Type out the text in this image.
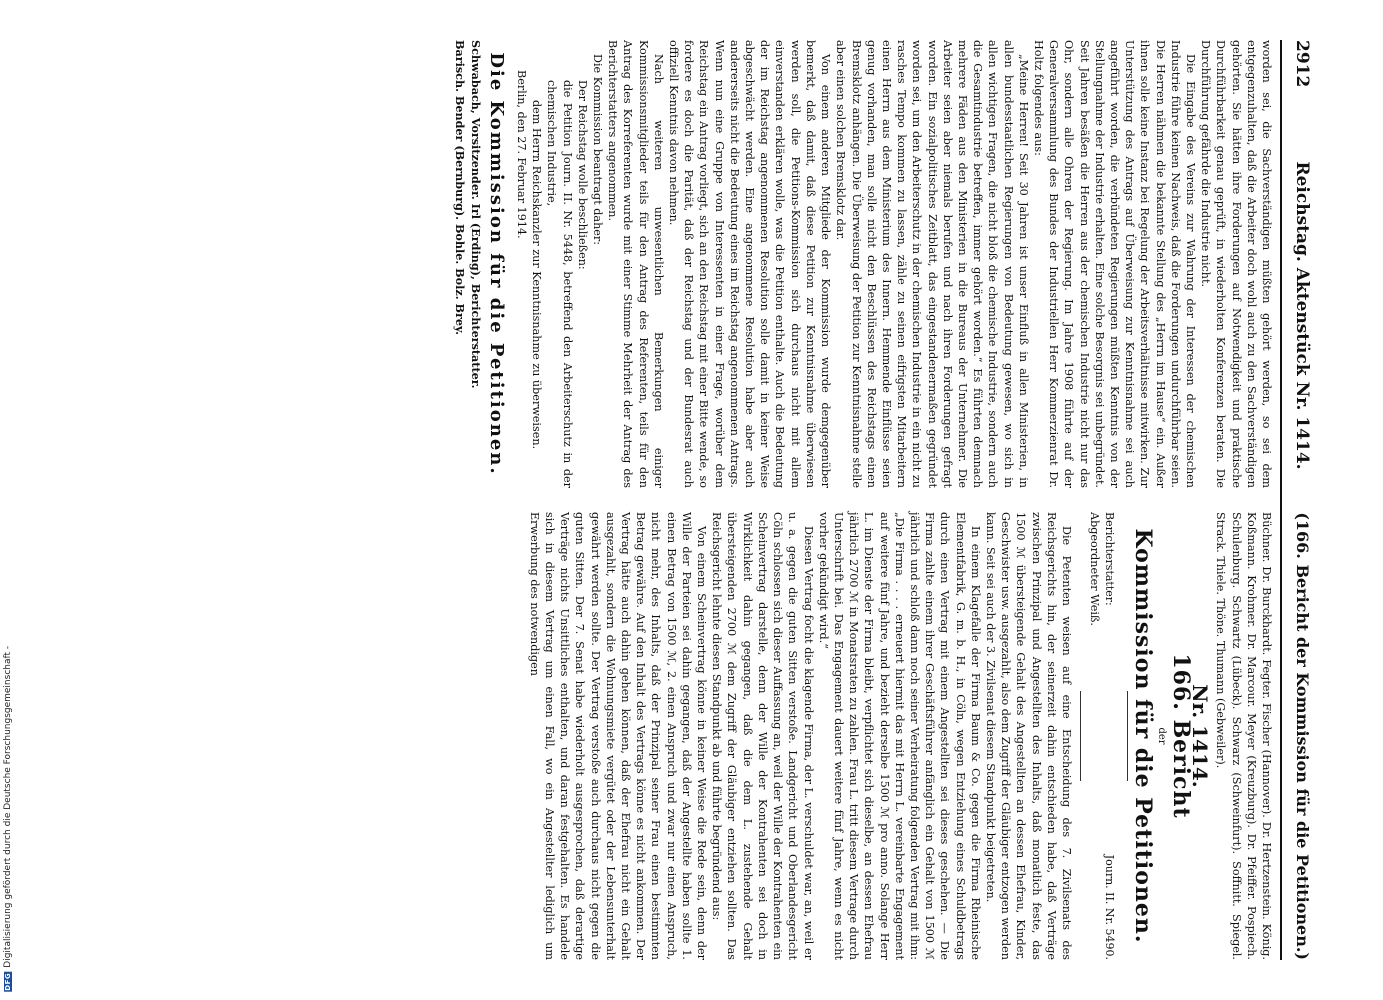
DFG
Digitalisierung gefördert durch die Deutsche Forschungsgemeinschaft -
2912
Reichstag. Aktenstück Nr. 1414.
(166. Bericht der Kommission für die Petitionen.)

worden sei, die Sachverständigen müßten gehört werden, so sei dem entgegenzuhalten, daß die Arbeiter doch wohl auch zu den Sachverständigen gehörten. Sie hätten ihre Forderungen auf Notwendigkeit und praktische Durchführbarkeit genau geprüft, in wiederholten Konferenzen beraten. Die Durchführung gefährde die Industrie nicht.

Die Eingabe des Vereins zur Wahrung der Interessen der chemischen Industrie führe keinen Nachweis, daß die Forderungen undurchführbar seien. Die Herren nähmen die bekannte Stellung des „Herrn im Hause“ ein. Außer ihnen solle keine Instanz bei Regelung der Arbeitsverhältnisse mitwirken. Zur Unterstützung des Antrags auf Überweisung zur Kenntnisnahme sei auch angeführt worden, die verbündeten Regierungen müßten Kenntnis von der Stellungnahme der Industrie erhalten. Eine solche Besorgnis sei unbegründet. Seit Jahren besäßen die Herren aus der chemischen Industrie nicht nur das Ohr, sondern alle Ohren der Regierung. Im Jahre 1908 führte auf der Generalversammlung des Bundes der Industriellen Herr Kommerzienrat Dr. Holtz folgendes aus:

„Meine Herren! Seit 30 Jahren ist unser Einfluß in allen Ministerien, in allen bundesstaatlichen Regierungen von Bedeutung gewesen, wo sich in allen wichtigen Fragen, die nicht bloß die chemische Industrie, sondern auch die Gesamtindustrie betreffen, immer gehört worden.“ Es führten demnach mehrere Fäden aus den Ministerien in die Bureaus der Unternehmer. Die Arbeiter seien aber niemals berufen und nach ihren Forderungen gefragt worden. Ein sozialpolitisches Zeitblatt, das eingestandenermaßen gegründet worden sei, um den Arbeiterschutz in der chemischen Industrie in ein nicht zu rasches Tempo kommen zu lassen, zähle zu seinen eifrigsten Mitarbeitern einen Herrn aus dem Ministerium des Innern. Hemmende Einflüsse seien genug vorhanden, man solle nicht den Beschlüssen des Reichstags einen Bremsklotz anhängen. Die Überweisung der Petition zur Kenntnisnahme stelle aber einen solchen Bremsklotz dar.

Von einem anderen Mitgliede der Kommission wurde demgegenüber bemerkt, daß damit, daß diese Petition zur Kenntnisnahme überwiesen werden soll, die Petitions-Kommission sich durchaus nicht mit allem einverstanden erklären wolle, was die Petition enthalte. Auch die Bedeutung der im Reichstag angenommenen Resolution solle damit in keiner Weise abgeschwächt werden. Eine angenommene Resolution habe aber auch andererseits nicht die Bedeutung eines im Reichstag angenommenen Antrags. Wenn nun eine Gruppe von Interessenten in einer Frage, worüber dem Reichstag ein Antrag vorliegt, sich an den Reichstag mit einer Bitte wende, so fordere es doch die Parität, daß der Reichstag und der Bundesrat auch offiziell Kenntnis davon nehmen.

Nach weiteren unwesentlichen Bemerkungen einiger Kommissionsmitglieder teils für den Antrag des Referenten, teils für den Antrag des Korreferenten wurde mit einer Stimme Mehrheit der Antrag des Berichterstatters angenommen.

Die Kommission beantragt daher:

Der Reichstag wolle beschließen:

die Petition Journ. II. Nr. 5448, betreffend den Arbeiterschutz in der chemischen Industrie,

dem Herrn Reichskanzler zur Kenntnisnahme zu überweisen.

Berlin, den 27. Februar 1914.

Die Kommission für die Petitionen.

Schwabach, Vorsitzender. Irl (Erding), Berichterstatter.

Barisch. Bender (Bernburg). Bohle. Bolz. Brey.

Büchner. Dr. Burckhardt. Fegter. Fischer (Hannover). Dr. Hertzenstein. König. Koßmann. Krohmer. Dr. Marcour. Meyer (Kreuzburg). Dr. Pfeiffer. Pospiech. Schulenburg. Schwartz (Lübeck). Schwarz (Schweinfurt). Soffnitt. Spiegel. Strack. Thiele. Thöne. Thumann (Gebweiler).

Nr. 1414.
166. Bericht
der
Kommission für die Petitionen.
Berichterstatter:
Journ. II. Nr. 5490.

Abgeordneter Weiß.

Die Petenten weisen auf eine Entscheidung des 7. Zivilsenats des Reichsgerichts hin, der seinerzeit dahin entschieden habe, daß Verträge zwischen Prinzipal und Angestellten des Inhalts, daß monatlich feste, das 1500 ℳ übersteigende Gehalt des Angestellten an dessen Ehefrau, Kinder, Geschwister usw. ausgezahlt, also dem Zugriff der Gläubiger entzogen werden kann. Seit sei auch der 3. Zivilsenat diesem Standpunkt beigetreten.

In einem Klagefalle der Firma Baum & Co. gegen die Firma Rheinische Elementfabrik, G. m. b. H., in Cöln, wegen Entziehung eines Schuldbetrags durch einen Vertrag mit einem Angestellten sei dieses geschehen. — Die Firma zahlte einem ihrer Geschäftsführer anfänglich ein Gehalt von 1500 ℳ jährlich und schloß dann noch seiner Verheiratung folgenden Vertrag mit ihm: „Die Firma . . . . erneuert hiermit das mit Herrn L. vereinbarte Engagement auf weitere fünf Jahre, und bezieht derselbe 1500 ℳ pro anno. Solange Herr L. im Dienste der Firma bleibt, verpflichtet sich dieselbe, an dessen Ehefrau jährlich 2700 ℳ in Monatsraten zu zahlen. Frau L. tritt diesem Vertrage durch Unterschrift bei. Das Engagement dauert weitere fünf Jahre, wenn es nicht vorher gekündigt wird.“

Diesen Vertrag focht die klagende Firma, der L. verschuldet war, an, weil er u. a. gegen die guten Sitten verstoße. Landgericht und Oberlandesgericht Cöln schlossen sich dieser Auffassung an, weil der Wille der Kontrahenten ein Scheinvertrag darstelle, denn der Wille der Kontrahenten sei doch in Wirklichkeit dahin gegangen, daß die dem L. zustehende Gehalt übersteigenden 2700 ℳ dem Zugriff der Gläubiger entziehen sollten. Das Reichsgericht lehnte diesen Standpunkt ab und führte begründend aus:

Von einem Scheinvertrag könne in keiner Weise die Rede sein, denn der Wille der Parteien sei dahin gegangen, daß der Angestellte haben sollte 1. einen Betrag von 1500 ℳ, 2. einen Anspruch und zwar nur einen Anspruch, nicht mehr, des Inhalts, daß der Prinzipal seiner Frau einen bestimmten Betrag gewähre. Auf den Inhalt des Vertrags könne es nicht ankommen. Der Vertrag hätte auch dahin gehen können, daß der Ehefrau nicht ein Gehalt ausgezahlt, sondern die Wohnungsmiete vergütet oder der Lebensunterhalt gewährt werden sollte. Der Vertrag verstoße auch durchaus nicht gegen die guten Sitten. Der 7. Senat habe wiederholt ausgesprochen, daß derartige Verträge nichts Unsittliches enthalten, und daran festgehalten. Es handele sich in diesem Vertrag um einen Fall, wo ein Angestellter lediglich um Erwerbung des notwendigen
